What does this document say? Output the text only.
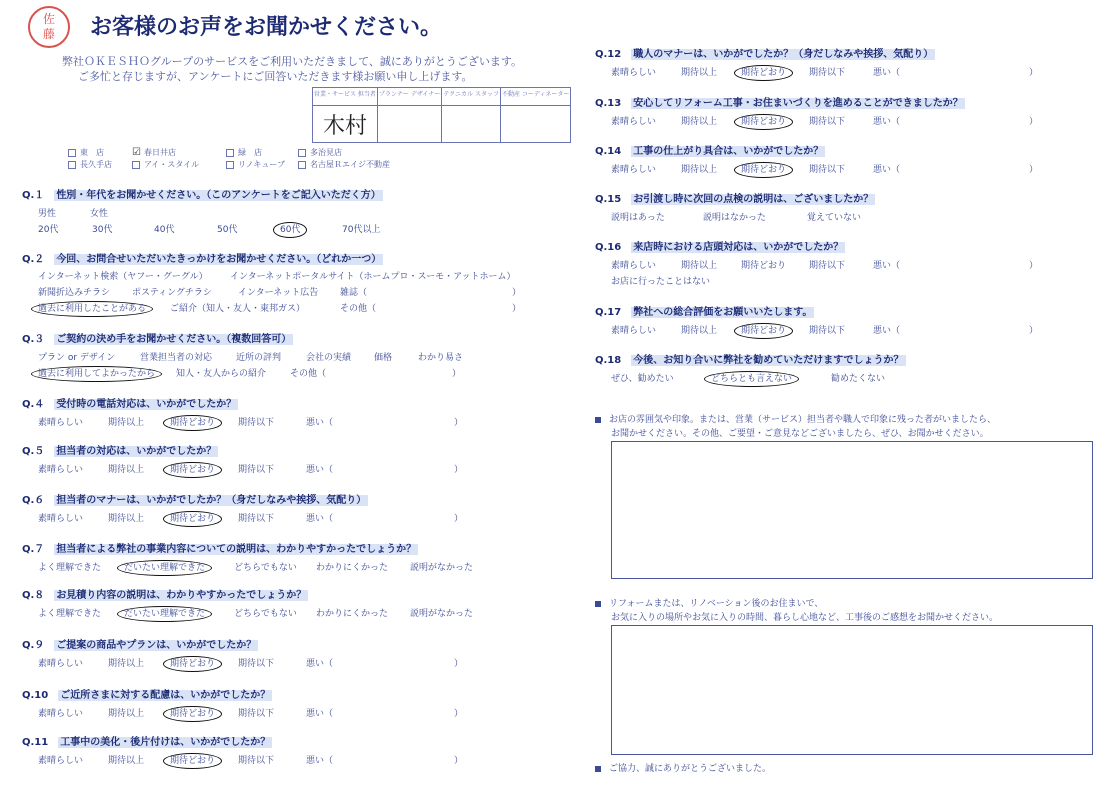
佐
藤	お客様のお声をお聞かせください。
弊社ＯＫＥＳＨＯグループのサービスをご利用いただきまして、誠にありがとうございます。
ご多忙と存じますが、アンケートにご回答いただきます様お願い申し上げます。
営業・サービス 担当者	プランナー デザイナー	テクニカル スタッフ	不動産 コーディネーター
木村			
東　店	☑ 春日井店	緑　店	多治見店
長久手店	アイ・スタイル	リノキューブ	名古屋Ｒエイジ不動産
Q.１　 性別・年代をお聞かせください。（このアンケートをご記入いただく方）
男性	女性
20代	30代	40代	50代	60代	70代以上
Q.２　 今回、お問合せいただいたきっかけをお聞かせください。（どれか一つ）
インターネット検索（ヤフー・グーグル） インターネットポータルサイト（ホームプロ・スーモ・アットホーム）
新聞折込みチラシ ポスティングチラシ	インターネット広告 雑誌（	）
過去に利用したことがある	ご紹介（知人・友人・東邦ガス）	その他（	）
Q.３　 ご契約の決め手をお聞かせください。（複数回答可）
プラン or デザイン	営業担当者の対応	近所の評判	会社の実績	価格	わかり易さ
過去に利用してよかったから 知人・友人からの紹介	その他（	）
お店の雰囲気や印象。または、営業（サービス）担当者や職人で印象に残った者がいましたら、
お聞かせください。その他、ご要望・ご意見などございましたら、ぜひ、お聞かせください。
リフォームまたは、リノベーション後のお住まいで、
お気に入りの場所やお気に入りの時間、暮らし心地など、工事後のご感想をお聞かせください。
ご協力、誠にありがとうございました。
Q.４　 受付時の電話対応は、いかがでしたか？
素晴らしい	期待以上	期待どおり	期待以下	悪い（	）
Q.５　 担当者の対応は、いかがでしたか？
素晴らしい	期待以上	期待どおり	期待以下	悪い（	）
Q.６　 担当者のマナーは、いかがでしたか？（身だしなみや挨拶、気配り）
素晴らしい	期待以上	期待どおり	期待以下	悪い（	）
Q.７　 担当者による弊社の事業内容についての説明は、わかりやすかったでしょうか？
よく理解できた	だいたい理解できた	どちらでもない わかりにくかった 説明がなかった
Q.８　 お見積り内容の説明は、わかりやすかったでしょうか？
よく理解できた	だいたい理解できた	どちらでもない わかりにくかった 説明がなかった
Q.９　 ご提案の商品やプランは、いかがでしたか？
素晴らしい	期待以上	期待どおり	期待以下	悪い（	）
Q.10　 ご近所さまに対する配慮は、いかがでしたか？
素晴らしい	期待以上	期待どおり	期待以下	悪い（	）
Q.11　 工事中の美化・後片付けは、いかがでしたか？
素晴らしい	期待以上	期待どおり	期待以下	悪い（	）
Q.12　 職人のマナーは、いかがでしたか？（身だしなみや挨拶、気配り）
素晴らしい	期待以上	期待どおり	期待以下	悪い（	）
Q.13　 安心してリフォーム工事・お住まいづくりを進めることができましたか？
素晴らしい	期待以上	期待どおり	期待以下	悪い（	）
Q.14　 工事の仕上がり具合は、いかがでしたか？
素晴らしい	期待以上	期待どおり	期待以下	悪い（	）
Q.15　 お引渡し時に次回の点検の説明は、ございましたか？
説明はあった	説明はなかった	覚えていない
Q.16　 来店時における店頭対応は、いかがでしたか？
素晴らしい	期待以上	期待どおり	期待以下	悪い（	）
お店に行ったことはない
Q.17　 弊社への総合評価をお願いいたします。
素晴らしい	期待以上	期待どおり	期待以下	悪い（	）
Q.18　 今後、お知り合いに弊社を勧めていただけますでしょうか？
ぜひ、勧めたい	どちらとも言えない	勧めたくない
